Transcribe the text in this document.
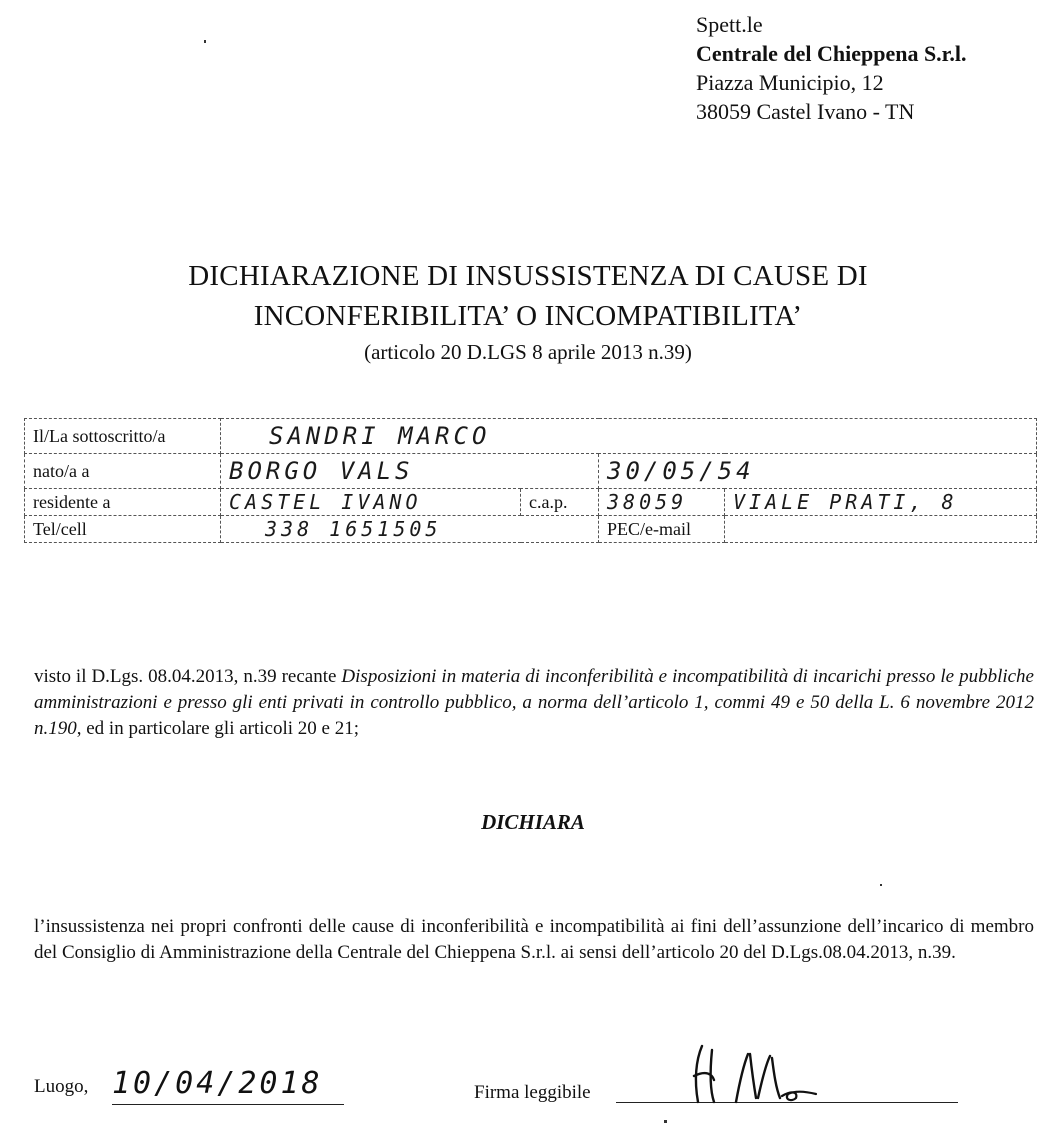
Spett.le
Centrale del Chieppena S.r.l.
Piazza Municipio, 12
38059 Castel Ivano - TN
DICHIARAZIONE DI INSUSSISTENZA DI CAUSE DI
INCONFERIBILITA’ O INCOMPATIBILITA’
(articolo 20 D.LGS 8 aprile 2013 n.39)
Il/La sottoscritto/a	SANDRI MARCO			
nato/a a	BORGO VALS		30/05/54	
residente a	CASTEL IVANO	c.a.p.	38059	VIALE PRATI, 8
Tel/cell	338 1651505		PEC/e-mail	
visto il D.Lgs. 08.04.2013, n.39 recante Disposizioni in materia di inconferibilità e incompatibilità di incarichi presso le pubbliche amministrazioni e presso gli enti privati in controllo pubblico, a norma dell’articolo 1, commi 49 e 50 della L. 6 novembre 2012 n.190, ed in particolare gli articoli 20 e 21;
DICHIARA
l’insussistenza nei propri confronti delle cause di inconferibilità e incompatibilità ai fini dell’assunzione dell’incarico di membro del Consiglio di Amministrazione della Centrale del Chieppena S.r.l. ai sensi dell’articolo 20 del D.Lgs.08.04.2013, n.39.
Luogo, 10/04/2018	Firma leggibile
